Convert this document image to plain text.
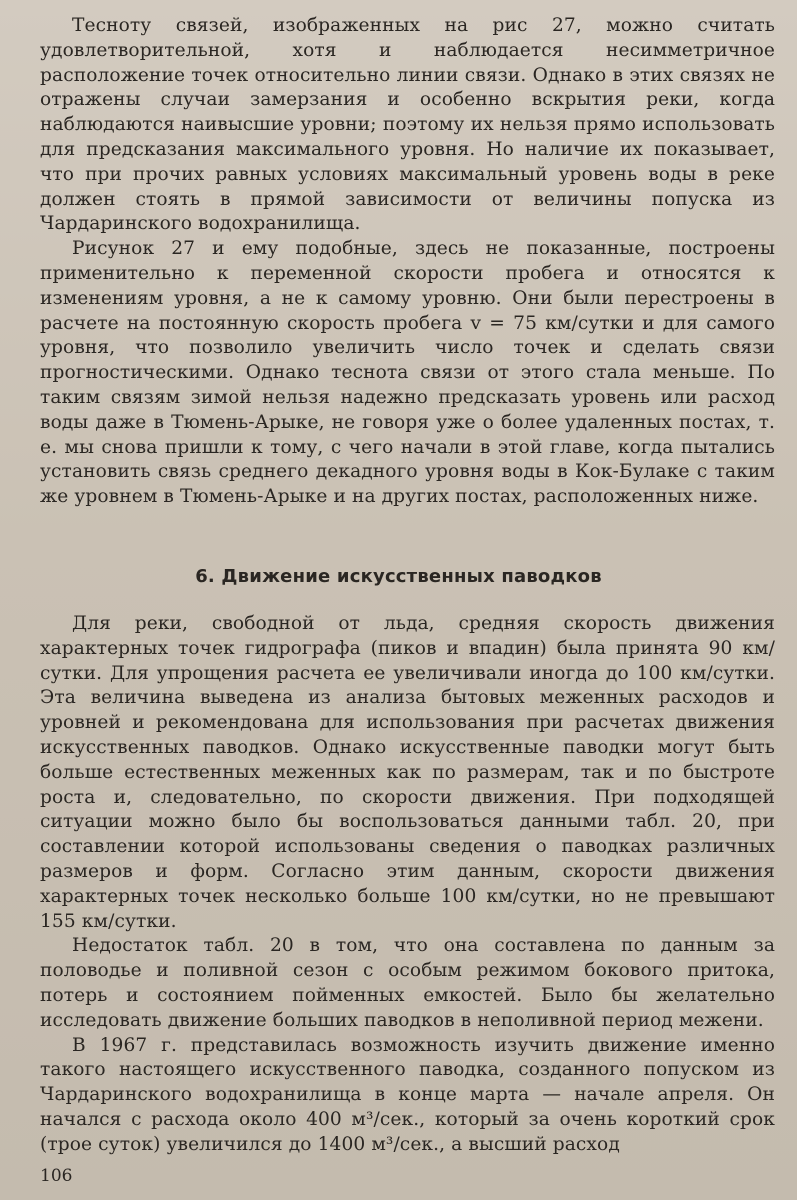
Тесноту связей, изображенных на рис 27, можно считать удовлетворительной, хотя и наблюдается несимметричное расположение точек относительно линии связи. Однако в этих связях не отражены случаи замерзания и особенно вскрытия реки, когда наблюдаются наивысшие уровни; поэтому их нельзя прямо использовать для предсказания максимального уровня. Но наличие их показывает, что при прочих равных условиях максимальный уровень воды в реке должен стоять в прямой зависимости от величины попуска из Чардаринского водохранилища.

Рисунок 27 и ему подобные, здесь не показанные, построены применительно к переменной скорости пробега и относятся к изменениям уровня, а не к самому уровню. Они были перестроены в расчете на постоянную скорость пробега v = 75 км/сутки и для самого уровня, что позволило увеличить число точек и сделать связи прогностическими. Однако теснота связи от этого стала меньше. По таким связям зимой нельзя надежно предсказать уровень или расход воды даже в Тюмень-Арыке, не говоря уже о более удаленных постах, т. е. мы снова пришли к тому, с чего начали в этой главе, когда пытались установить связь среднего декадного уровня воды в Кок-Булаке с таким же уровнем в Тюмень-Арыке и на других постах, расположенных ниже.

6. Движение искусственных паводков

Для реки, свободной от льда, средняя скорость движения характерных точек гидрографа (пиков и впадин) была принята 90 км/сутки. Для упрощения расчета ее увеличивали иногда до 100 км/сутки. Эта величина выведена из анализа бытовых меженных расходов и уровней и рекомендована для использования при расчетах движения искусственных паводков. Однако искусственные паводки могут быть больше естественных меженных как по размерам, так и по быстроте роста и, следовательно, по скорости движения. При подходящей ситуации можно было бы воспользоваться данными табл. 20, при составлении которой использованы сведения о паводках различных размеров и форм. Согласно этим данным, скорости движения характерных точек несколько больше 100 км/сутки, но не превышают 155 км/сутки.

Недостаток табл. 20 в том, что она составлена по данным за половодье и поливной сезон с особым режимом бокового притока, потерь и состоянием пойменных емкостей. Было бы желательно исследовать движение больших паводков в неполивной период межени.

В 1967 г. представилась возможность изучить движение именно такого настоящего искусственного паводка, созданного попуском из Чардаринского водохранилища в конце марта — начале апреля. Он начался с расхода около 400 м³/сек., который за очень короткий срок (трое суток) увеличился до 1400 м³/сек., а высший расход

106
